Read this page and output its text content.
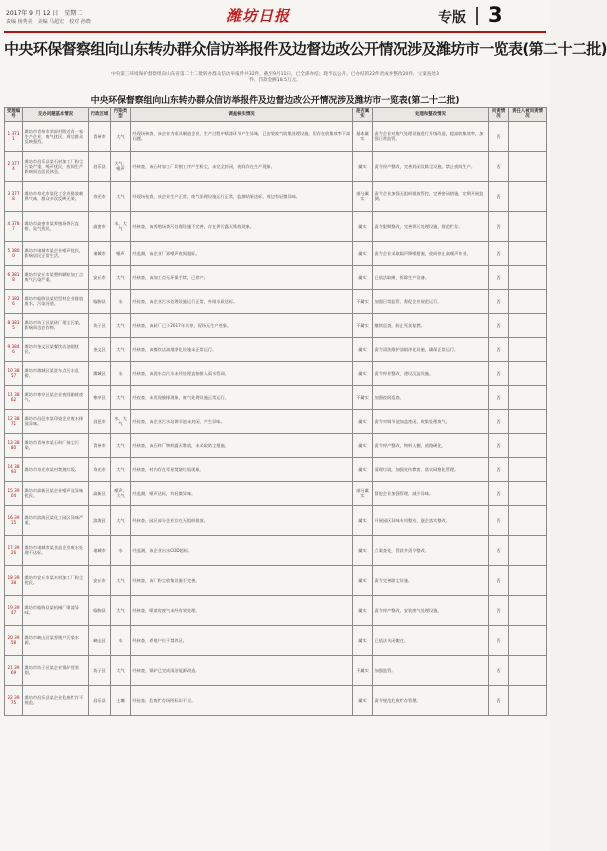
2017年 9 月 12 日　星期二
责编 杨秀美　美编 马超宏　校对 孙晓	潍坊日报	专版 3
中央环保督察组向山东转办群众信访举报件及边督边改公开情况涉及潍坊市一览表(第二十二批)
中央第三环境保护督察组向山东省第二十二批转办群众信访举报件共32件，截至9月11日，已全部办结；现予以公开。已办结的22件责成并整改20件，立案查处3件，罚款金额18.5万元。
中央环保督察组向山东转办群众信访举报件及边督边改公开情况涉及潍坊市一览表(第二十二批)
受理编号	交办问题基本情况	行政区域	污染类型	调查核实情况	是否属实	处理和整改情况	问责情况	责任人被问责情况
1 3731	潍坊市青州市翠屏村附近有一家生产企业，废气扰民，周边群众反映强烈。	青州市	大气	经现场核查，该企业为家具制造企业，生产过程中喷漆环节产生异味，已安装废气收集处理设施，但存在收集效率不高问题。	基本属实	责令企业对废气处理设施进行升级改造，提高收集效率，加强日常监管。	否	
2 3774	潍坊市昌乐县某石材加工厂粉尘污染严重，噪声扰民，夜间生产影响周边居民休息。	昌乐县	大气、噪声	经核查，该石材加工厂切割工序产生粉尘，未完全封闭，夜间存在生产现象。	属实	责令停产整改，完善封闭及除尘设施，禁止夜间生产。	否	
3 3778	潍坊市寿光市某化工企业排放刺鼻气味，群众多次反映无果。	寿光市	大气	经现场检查，该企业生产正常，废气治理设施运行正常，监测结果达标，周边有轻微异味。	部分属实	责令企业加强无组织排放管控，完善密闭措施，定期开展监测。	否	
4 3787	潍坊市高密市某养殖场粪污直排，臭气扰民。	高密市	水、大气	经核查，该养殖场粪污处理设施不完善，存在粪污露天堆放现象。	属实	责令限期整改，完善粪污处理设施，规范贮存。	否	
5 3800	潍坊市诸城市某企业噪声扰民，影响居民正常生活。	诸城市	噪声	经监测，该企业厂界噪声夜间超标。	属实	责令企业采取隔声降噪措施，夜间停止高噪声作业。	否	
6 3818	潍坊市安丘市某塑料颗粒加工点废气污染严重。	安丘市	大气	经核查，该加工点无环保手续，已停产。	属实	已依法取缔，拆除生产设备。	否	
7 3826	潍坊市临朐县某铝型材企业排放废水，污染河道。	临朐县	水	经检查，该企业污水处理设施运行正常，外排水质达标。	不属实	加强日常监管，督促企业规范运行。	否	
8 3835	潍坊市坊子区某砖厂烟尘污染，影响周边农作物。	坊子区	大气	经核查，该砖厂已于2017年关停，现场无生产迹象。	不属实	继续巡查，防止死灰复燃。	否	
9 3846	潍坊市奎文区某餐饮店油烟扰民。	奎文区	大气	经核查，该餐饮店油烟净化设施未正常运行。	属实	责令清洗维护油烟净化设施，确保正常运行。	否	
10 3857	潍坊市潍城区某洗车点污水乱排。	潍城区	水	经核查，该洗车点污水未经处理直接排入雨水管网。	属实	责令停业整改，建设沉淀设施。	否	
11 3862	潍坊市寒亭区某企业夜间偷排废气。	寒亭区	大气	经夜查，未发现偷排现象，废气处理设施正常运行。	不属实	加强夜间巡查。	否	
12 3871	潍坊市昌邑市某印染企业废水排放异味。	昌邑市	水、大气	经检查，该企业污水站调节池未封闭，产生异味。	属实	责令对调节池加盖密闭，收集处理废气。	否	
13 3880	潍坊市青州市某石料厂扬尘污染。	青州市	大气	经核查，该石料厂物料露天堆放，未采取防尘措施。	属实	责令停产整改，物料入棚，道路硬化。	否	
14 3893	潍坊市寿光市某村焚烧垃圾。	寿光市	大气	经核查，村内存在零星焚烧垃圾现象。	属实	清理垃圾，加强宣传教育，落实网格化管理。	否	
15 3904	潍坊市高新区某企业噪声及异味扰民。	高新区	噪声、大气	经监测，噪声达标，有轻微异味。	部分属实	督促企业加强管理，减少异味。	否	
16 3915	潍坊市滨海区某化工园区异味严重。	滨海区	大气	经核查，园区部分企业存在无组织排放。	属实	开展园区异味专项整治，逐企落实整改。	否	
17 3926	潍坊市诸城市某食品企业废水处理不达标。	诸城市	水	经监测，该企业出水COD超标。	属实	立案查处，罚款并责令整改。	否	
18 3938	潍坊市安丘市某木材加工厂粉尘扰民。	安丘市	大气	经核查，该厂粉尘收集设施不完善。	属实	责令完善除尘设施。	否	
19 3947	潍坊市临朐县某机械厂喷漆异味。	临朐县	大气	经核查，喷漆房废气未经有效处理。	属实	责令停产整改，安装废气处理设施。	否	
20 3958	潍坊市峡山区某养殖户污染水源。	峡山区	水	经核查，养殖户位于禁养区。	属实	已依法关闭搬迁。	否	
21 3969	潍坊市坊子区某企业锅炉冒黑烟。	坊子区	大气	经核查，锅炉已完成清洁能源改造。	不属实	加强监管。	否	
22 3975	潍坊市昌乐县某企业危废贮存不规范。	昌乐县	土壤	经检查，危废贮存场所标识不全。	属实	责令规范危废贮存管理。	否	
